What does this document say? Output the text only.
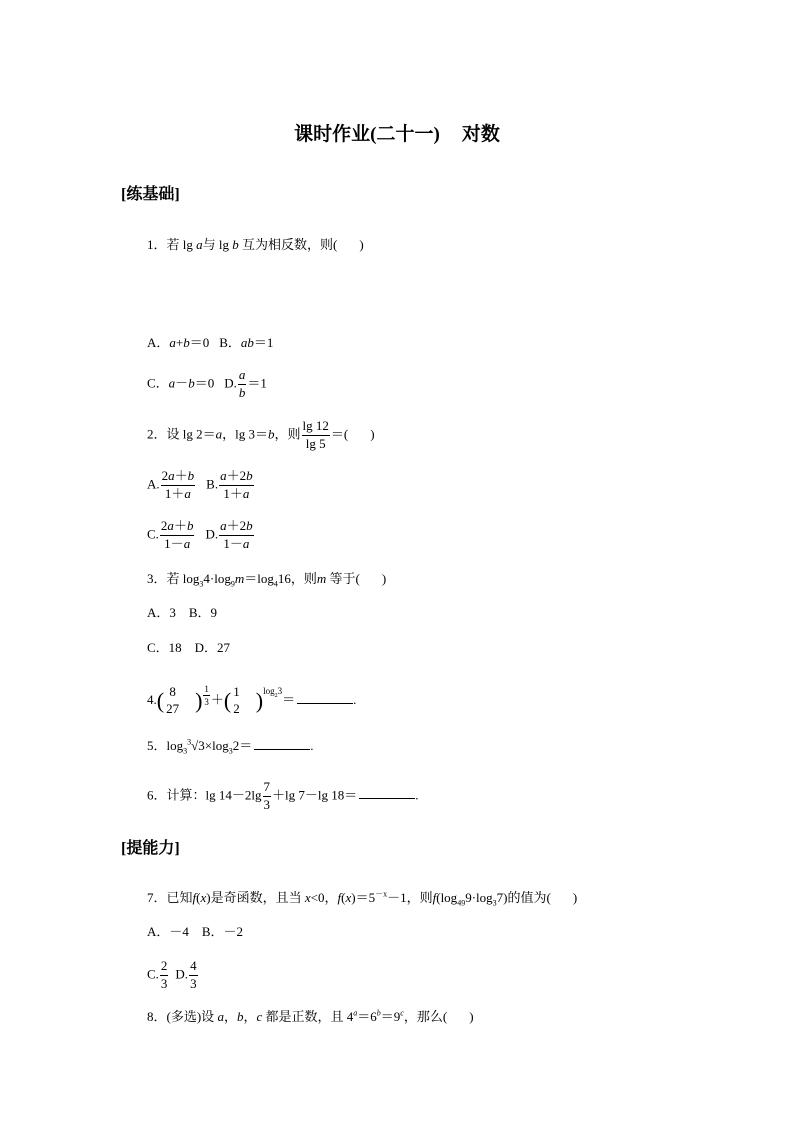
课时作业(二十一) 对数
[练基础]
1．若 lg a与 lg b 互为相反数，则( )
A．a+b＝0 B．ab＝1
C．a－b＝0 D. $\frac{a}{b} =1$
2．设 lg 2＝a，lg 3＝b，则 $\frac{\lg 12}{\lg 5}$ ＝( )
A. $\frac{2a+b}{1+a} B$. $\frac{a+2b}{1+a}$
C. $\frac{2a+b}{1-a} D$. $\frac{a+2b}{1-a}$
3．若 $\log_34\cdot\log_9m=\log_416$，则m 等于( )
A．3　B．9
C．18　D．27
4.( 8
27 ) $\frac{1}{3}$ ＋( 1
2 )$^{log_23}$＝	.
5．$\log_3^3√3\times\log_32=$	.
6．计算：$\lg 14-2\lg \frac{7}{3} +\lg$ 7－lg 18＝	.
[提能力]
7．已知f(x)是奇函数，且当 x<0，$f(x)=5^{-x}-1$，则$f(\log_{49}9\cdot\log_37)$的值为( )
A．－4　B．－2
C. $\frac{2}{3} D$. $\frac{4}{3}$
8．(多选)设 a，b，c 都是正数，且 $4^a=6^b=9^c$，那么( )
